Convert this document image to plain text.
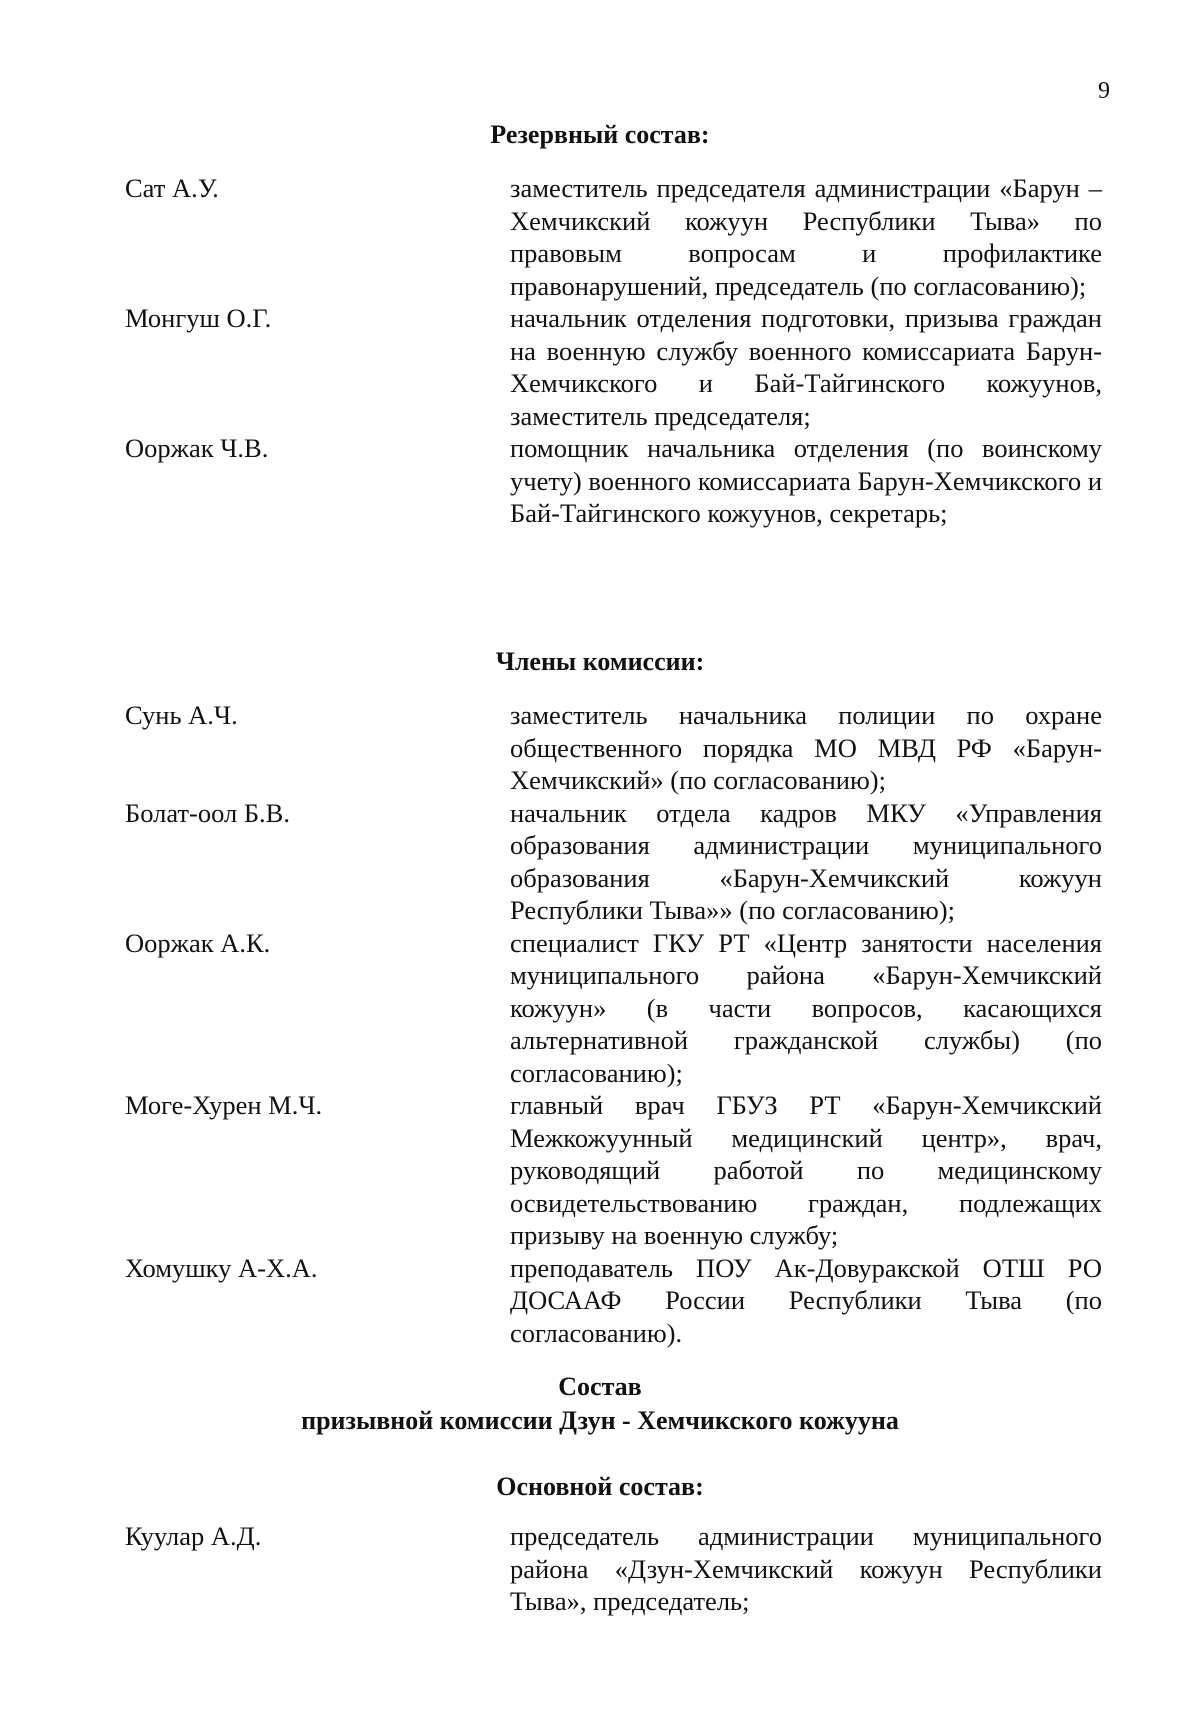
9
Резервный состав:
Сат А.У.	заместитель председателя администрации «Барун – Хемчикский кожуун Республики Тыва» по правовым вопросам и профилактике правонарушений, председатель (по согласованию);
Монгуш О.Г.	начальник отделения подготовки, призыва граждан на военную службу военного комиссариата Барун-Хемчикского и Бай-Тайгинского кожуунов, заместитель председателя;
Ооржак Ч.В.	помощник начальника отделения (по воинскому учету) военного комиссариата Барун-Хемчикского и Бай-Тайгинского кожуунов, секретарь;
Члены комиссии:
Сунь А.Ч.	заместитель начальника полиции по охране общественного порядка МО МВД РФ «Барун-Хемчикский» (по согласованию);
Болат-оол Б.В.	начальник отдела кадров МКУ «Управления образования администрации муниципального образования «Барун-Хемчикский кожуун Республики Тыва»» (по согласованию);
Ооржак А.К.	специалист ГКУ РТ «Центр занятости населения муниципального района «Барун-Хемчикский кожуун» (в части вопросов, касающихся альтернативной гражданской службы) (по согласованию);
Моге-Хурен М.Ч.	главный врач ГБУЗ РТ «Барун-Хемчикский Межкожуунный медицинский центр», врач, руководящий работой по медицинскому освидетельствованию граждан, подлежащих призыву на военную службу;
Хомушку А-Х.А.	преподаватель ПОУ Ак-Довуракской ОТШ РО ДОСААФ России Республики Тыва (по согласованию).
Состав
призывной комиссии Дзун - Хемчикского кожууна
Основной состав:
Куулар А.Д.	председатель администрации муниципального района «Дзун-Хемчикский кожуун Республики Тыва», председатель;
